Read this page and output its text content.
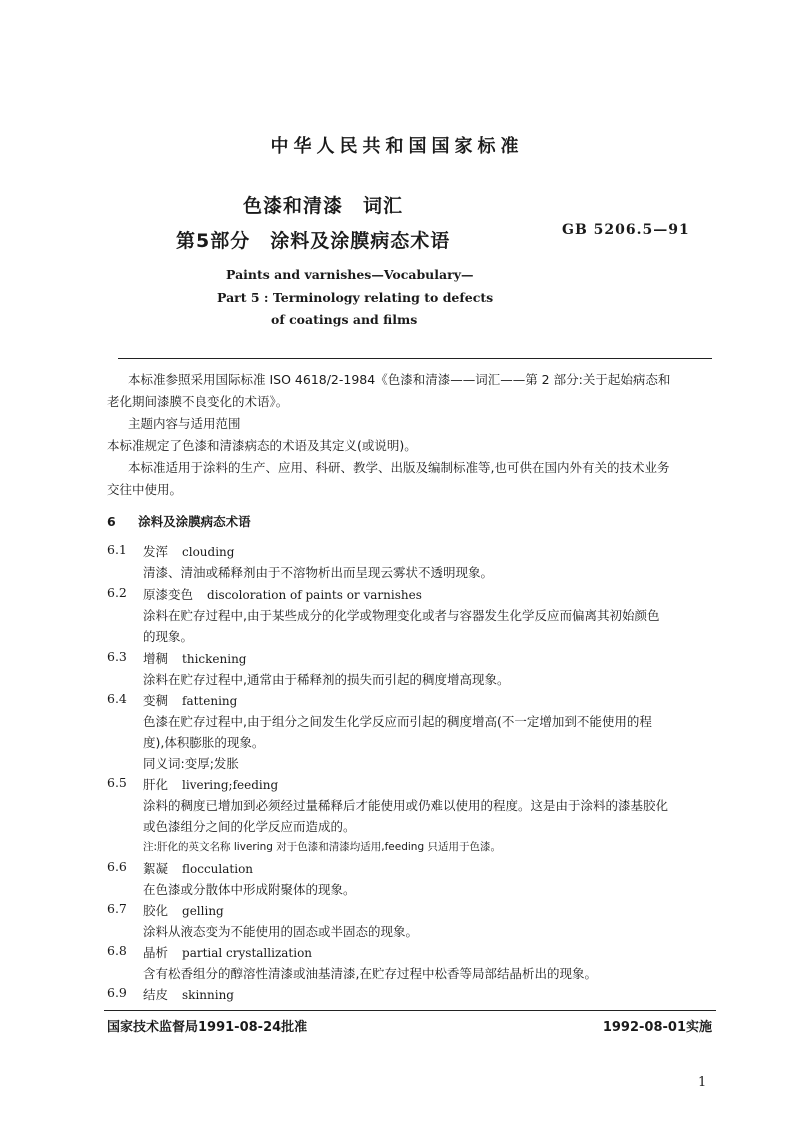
中华人民共和国国家标准
色漆和清漆　词汇
第5部分　涂料及涂膜病态术语	GB 5206.5—91
Paints and varnishes—Vocabulary—
Part 5 : Terminology relating to defects
of coatings and films
本标准参照采用国际标准 ISO 4618/2-1984《色漆和清漆——词汇——第 2 部分:关于起始病态和
老化期间漆膜不良变化的术语》。
主题内容与适用范围
本标准规定了色漆和清漆病态的术语及其定义(或说明)。
本标准适用于涂料的生产、应用、科研、教学、出版及编制标准等,也可供在国内外有关的技术业务
交往中使用。
6 涂料及涂膜病态术语
6.1 发浑 clouding
清漆、清油或稀释剂由于不溶物析出而呈现云雾状不透明现象。
6.2 原漆变色 discoloration of paints or varnishes
涂料在贮存过程中,由于某些成分的化学或物理变化或者与容器发生化学反应而偏离其初始颜色
的现象。
6.3 增稠 thickening
涂料在贮存过程中,通常由于稀释剂的损失而引起的稠度增高现象。
6.4 变稠 fattening
色漆在贮存过程中,由于组分之间发生化学反应而引起的稠度增高(不一定增加到不能使用的程
度),体积膨胀的现象。
同义词:变厚;发胀
6.5 肝化 livering;feeding
涂料的稠度已增加到必须经过量稀释后才能使用或仍难以使用的程度。这是由于涂料的漆基胶化
或色漆组分之间的化学反应而造成的。
注:肝化的英文名称 livering 对于色漆和清漆均适用,feeding 只适用于色漆。
6.6 絮凝 flocculation
在色漆或分散体中形成附聚体的现象。
6.7 胶化 gelling
涂料从液态变为不能使用的固态或半固态的现象。
6.8 晶析 partial crystallization
含有松香组分的醇溶性清漆或油基清漆,在贮存过程中松香等局部结晶析出的现象。
6.9 结皮 skinning
国家技术监督局1991-08-24批准	1992-08-01实施
1
